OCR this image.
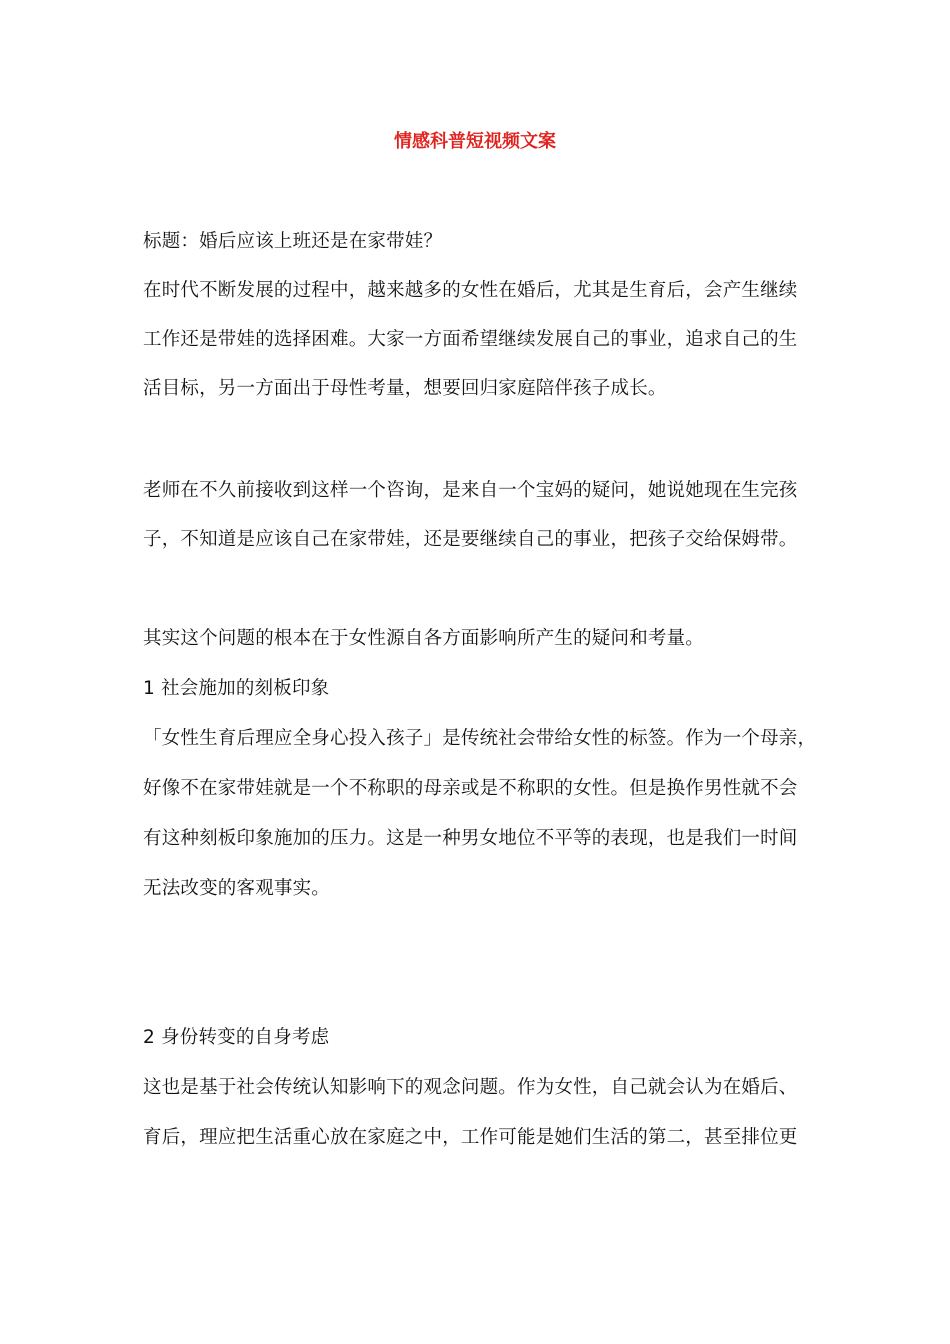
情感科普短视频文案
标题：婚后应该上班还是在家带娃？
在时代不断发展的过程中，越来越多的女性在婚后，尤其是生育后，会产生继续
工作还是带娃的选择困难。大家一方面希望继续发展自己的事业，追求自己的生
活目标，另一方面出于母性考量，想要回归家庭陪伴孩子成长。
老师在不久前接收到这样一个咨询，是来自一个宝妈的疑问，她说她现在生完孩
子，不知道是应该自己在家带娃，还是要继续自己的事业，把孩子交给保姆带。
其实这个问题的根本在于女性源自各方面影响所产生的疑问和考量。
1 社会施加的刻板印象
「女性生育后理应全身心投入孩子」是传统社会带给女性的标签。作为一个母亲，
好像不在家带娃就是一个不称职的母亲或是不称职的女性。但是换作男性就不会
有这种刻板印象施加的压力。这是一种男女地位不平等的表现，也是我们一时间
无法改变的客观事实。
2 身份转变的自身考虑
这也是基于社会传统认知影响下的观念问题。作为女性，自己就会认为在婚后、
育后，理应把生活重心放在家庭之中，工作可能是她们生活的第二，甚至排位更
